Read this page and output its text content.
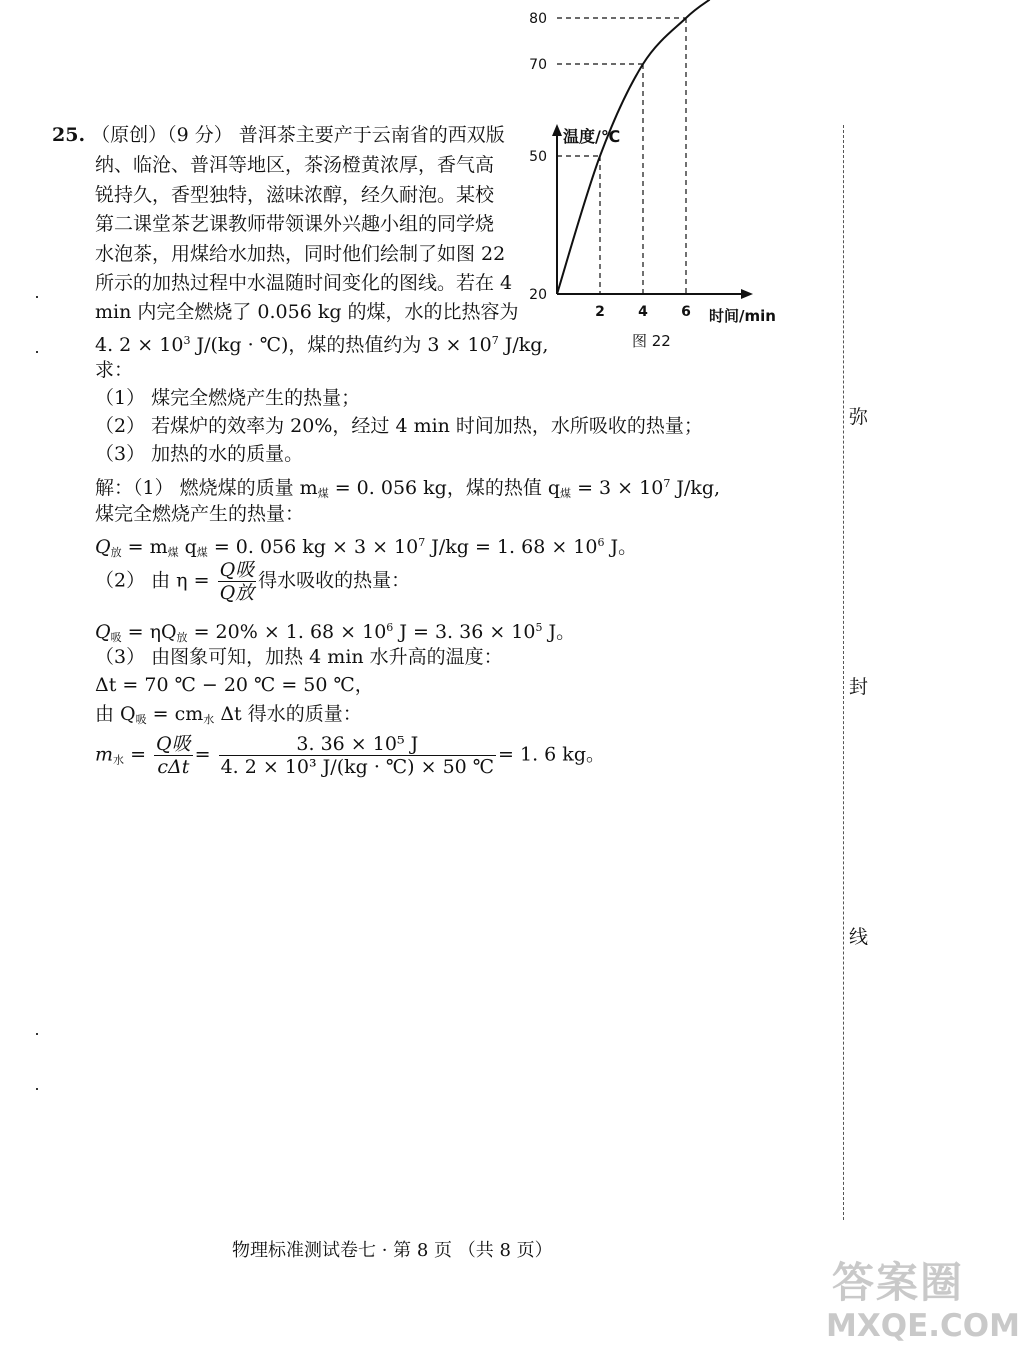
25. （原创）（9 分） 普洱茶主要产于云南省的西双版
纳、临沧、普洱等地区，茶汤橙黄浓厚，香气高
锐持久，香型独特，滋味浓醇，经久耐泡。某校
第二课堂茶艺课教师带领课外兴趣小组的同学烧
水泡茶，用煤给水加热，同时他们绘制了如图 22
所示的加热过程中水温随时间变化的图线。若在 4
min 内完全燃烧了 0.056 kg 的煤，水的比热容为
4. $2 \times 10^3$ J/(kg · ℃)，煤的热值约为 $3 \times 10^7$ J/kg,
求：
（1） 煤完全燃烧产生的热量；
（2） 若煤炉的效率为 20%，经过 4 min 时间加热，水所吸收的热量；
（3） 加热的水的质量。
解：（1） 燃烧煤的质量 $m_煤 = 0$. 056 kg，煤的热值 $q_煤 = 3 \times 10^7$ J/kg,
煤完全燃烧产生的热量：
$Q_放 = m_煤$ $q_煤 = 0$. 056 kg × $3 \times 10^7$ J/kg = 1. $68 \times 10^6$ J。
（2） 由 $\eta = \frac{\text{Q吸}}{\text{Q放}}$ 得水吸收的热量：
$Q_吸 = \eta Q_放 = 20\% \times 1$. $68 \times 10^6$ J = 3. $36 \times 10^5$ J。
（3） 由图象可知，加热 4 min 水升高的温度：
Δt = 70 ℃ − 20 ℃ = 50 ℃，
由 $Q_吸 = cm_水$ Δt 得水的质量：
$m_水 = \frac{\text{Q吸}}{\text{cΔt}} = \frac{\text{3. 36 × 10⁵ J}}{\text{4. 2 × 10³ J/(kg · ℃) × 50 ℃}} = 1$. 6 kg。
温度/℃
时间/min
20
50
70
80
2 4 6
图 22
弥
封
线
物理标准测试卷七 · 第 8 页 （共 8 页）
答案圈
MXQE.COM
